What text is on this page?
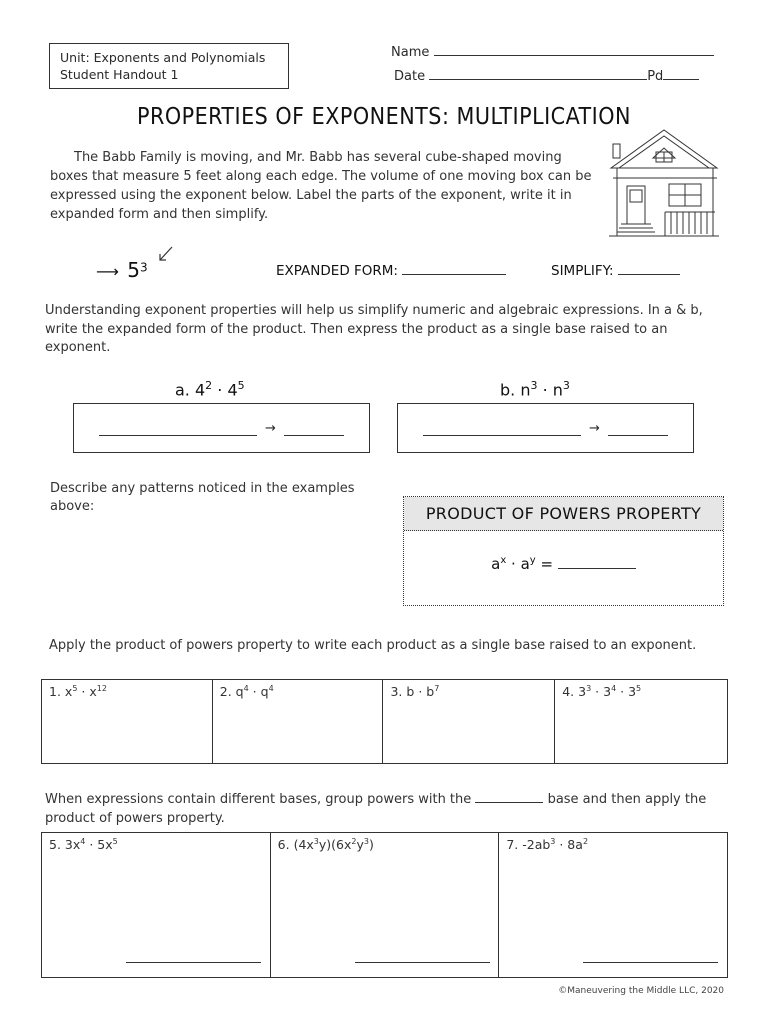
Unit: Exponents and Polynomials
Student Handout 1
Name
Date	Pd
PROPERTIES OF EXPONENTS: MULTIPLICATION
The Babb Family is moving, and Mr. Babb has several cube-shaped moving boxes that measure 5 feet along each edge. The volume of one moving box can be expressed using the exponent below. Label the parts of the exponent, write it in expanded form and then simplify.
⟶ $5^3$	EXPANDED FORM:	SIMPLIFY:
Understanding exponent properties will help us simplify numeric and algebraic expressions. In a & b, write the expanded form of the product. Then express the product as a single base raised to an exponent.
a. $4^2 \cdot 4^5$	b. $n^3 \cdot n^3$
→	→
Describe any patterns noticed in the examples above:	PRODUCT OF POWERS PROPERTY
$a^x \cdot a^y$ =
Apply the product of powers property to write each product as a single base raised to an exponent.
1. $x^5 \cdot x^{12}$	2. $q^4 \cdot q^4$	3. $b \cdot b^7$	4. $3^3 \cdot 3^4 \cdot 3^5$
When expressions contain different bases, group powers with the	base and then apply the product of powers property.
5. $3x^4 \cdot 5x^5$	6. $(4x^3y)(6x^2y^3)$	7. $-2ab^3 \cdot 8a^2$
©Maneuvering the Middle LLC, 2020
